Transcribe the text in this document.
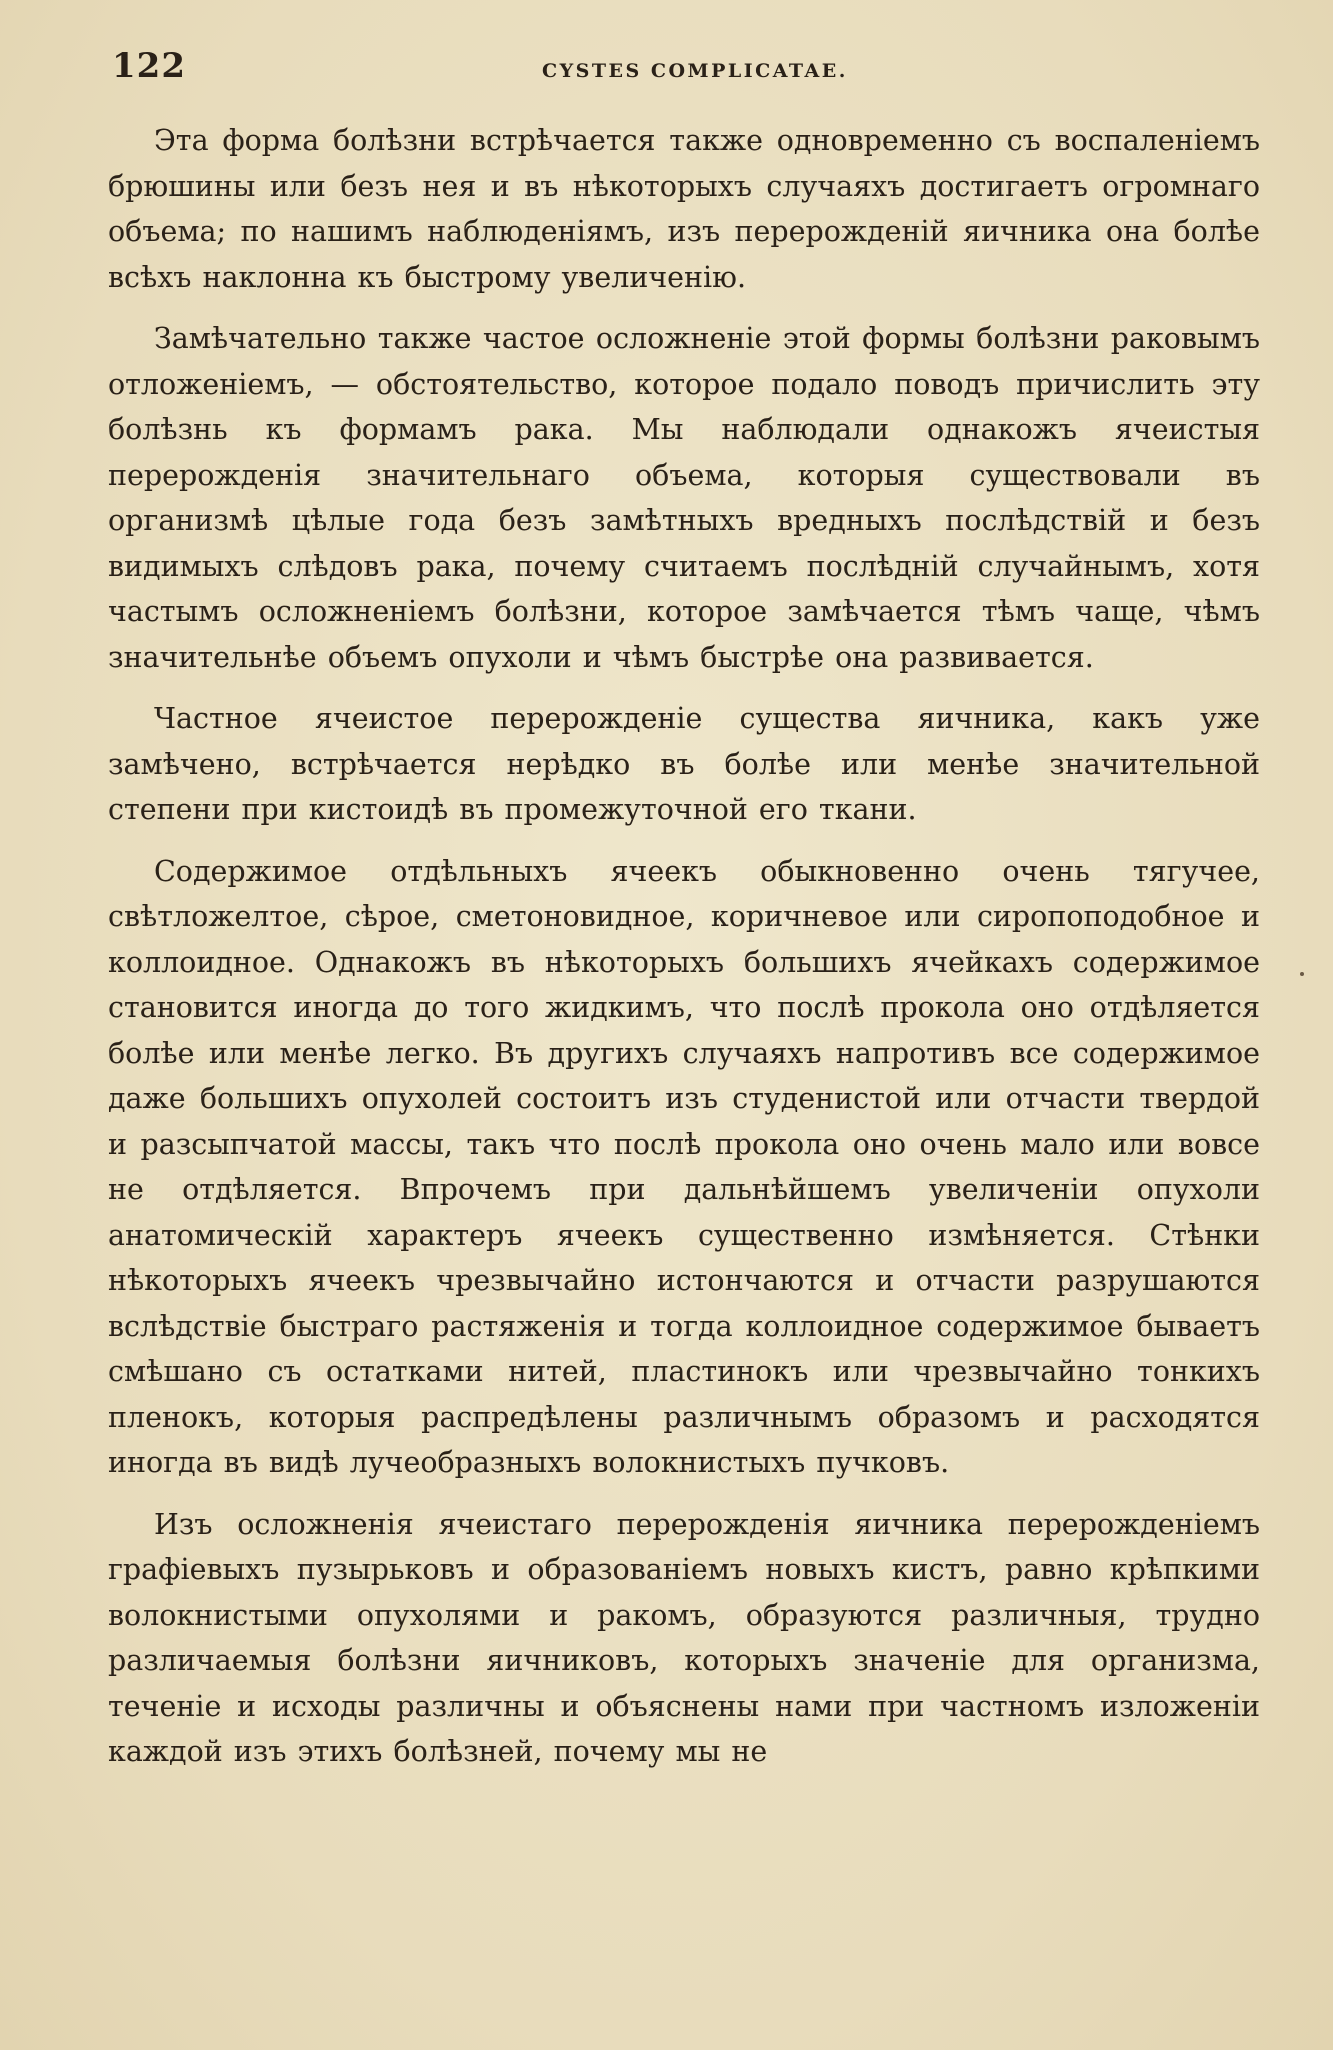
122	CYSTES COMPLICATAE.

Эта форма болѣзни встрѣчается также одновременно съ воспаленіемъ брюшины или безъ нея и въ нѣкоторыхъ случаяхъ достигаетъ огромнаго объема; по нашимъ наблюденіямъ, изъ перерожденій яичника она болѣе всѣхъ наклонна къ быстрому увеличенію.

Замѣчательно также частое осложненіе этой формы болѣзни раковымъ отложеніемъ, — обстоятельство, которое подало поводъ причислить эту болѣзнь къ формамъ рака. Мы наблюдали однакожъ ячеистыя перерожденія значительнаго объема, которыя существовали въ организмѣ цѣлые года безъ замѣтныхъ вредныхъ послѣдствій и безъ видимыхъ слѣдовъ рака, почему считаемъ послѣдній случайнымъ, хотя частымъ осложненіемъ болѣзни, которое замѣчается тѣмъ чаще, чѣмъ значительнѣе объемъ опухоли и чѣмъ быстрѣе она развивается.

Частное ячеистое перерожденіе существа яичника, какъ уже замѣчено, встрѣчается нерѣдко въ болѣе или менѣе значительной степени при кистоидѣ въ промежуточной его ткани.

Содержимое отдѣльныхъ ячеекъ обыкновенно очень тягучее, свѣтложелтое, сѣрое, сметоновидное, коричневое или сиропоподобное и коллоидное. Однакожъ въ нѣкоторыхъ большихъ ячейкахъ содержимое становится иногда до того жидкимъ, что послѣ прокола оно отдѣляется болѣе или менѣе легко. Въ другихъ случаяхъ напротивъ все содержимое даже большихъ опухолей состоитъ изъ студенистой или отчасти твердой и разсыпчатой массы, такъ что послѣ прокола оно очень мало или вовсе не отдѣляется. Впрочемъ при дальнѣйшемъ увеличеніи опухоли анатомическій характеръ ячеекъ существенно измѣняется. Стѣнки нѣкоторыхъ ячеекъ чрезвычайно истончаются и отчасти разрушаются вслѣдствіе быстраго растяженія и тогда коллоидное содержимое бываетъ смѣшано съ остатками нитей, пластинокъ или чрезвычайно тонкихъ пленокъ, которыя распредѣлены различнымъ образомъ и расходятся иногда въ видѣ лучеобразныхъ волокнистыхъ пучковъ.

Изъ осложненія ячеистаго перерожденія яичника перерожденіемъ графіевыхъ пузырьковъ и образованіемъ новыхъ кистъ, равно крѣпкими волокнистыми опухолями и ракомъ, образуются различныя, трудно различаемыя болѣзни яичниковъ, которыхъ значеніе для организма, теченіе и исходы различны и объяснены нами при частномъ изложеніи каждой изъ этихъ болѣзней, почему мы не
